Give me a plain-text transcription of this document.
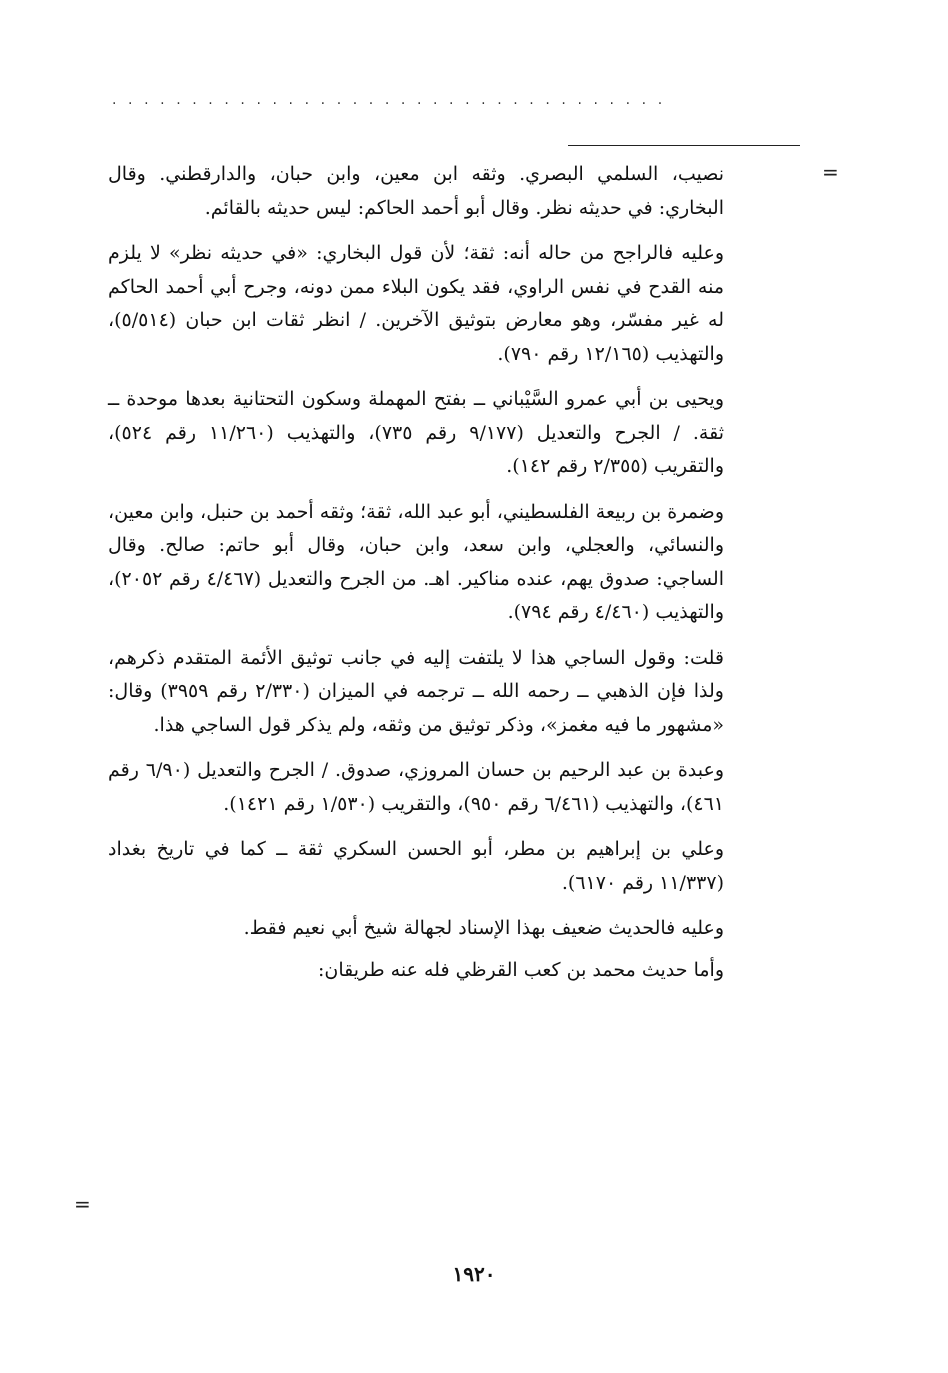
...................................
=

نصيب، السلمي البصري. وثقه ابن معين، وابن حبان، والدارقطني. وقال البخاري: في حديثه نظر. وقال أبو أحمد الحاكم: ليس حديثه بالقائم.

وعليه فالراجح من حاله أنه: ثقة؛ لأن قول البخاري: «في حديثه نظر» لا يلزم منه القدح في نفس الراوي، فقد يكون البلاء ممن دونه، وجرح أبي أحمد الحاكم له غير مفسّر، وهو معارض بتوثيق الآخرين. / انظر ثقات ابن حبان (٥/٥١٤)، والتهذيب (١٢/١٦٥ رقم ٧٩٠).

ويحيى بن أبي عمرو السَّيْباني ــ بفتح المهملة وسكون التحتانية بعدها موحدة ــ ثقة. / الجرح والتعديل (٩/١٧٧ رقم ٧٣٥)، والتهذيب (١١/٢٦٠ رقم ٥٢٤)، والتقريب (٢/٣٥٥ رقم ١٤٢).

وضمرة بن ربيعة الفلسطيني، أبو عبد الله، ثقة؛ وثقه أحمد بن حنبل، وابن معين، والنسائي، والعجلي، وابن سعد، وابن حبان، وقال أبو حاتم: صالح. وقال الساجي: صدوق يهم، عنده مناكير. اهـ. من الجرح والتعديل (٤/٤٦٧ رقم ٢٠٥٢)، والتهذيب (٤/٤٦٠ رقم ٧٩٤).

قلت: وقول الساجي هذا لا يلتفت إليه في جانب توثيق الأئمة المتقدم ذكرهم، ولذا فإن الذهبي ــ رحمه الله ــ ترجمه في الميزان (٢/٣٣٠ رقم ٣٩٥٩) وقال: «مشهور ما فيه مغمز»، وذكر توثيق من وثقه، ولم يذكر قول الساجي هذا.

وعبدة بن عبد الرحيم بن حسان المروزي، صدوق. / الجرح والتعديل (٦/٩٠ رقم ٤٦١)، والتهذيب (٦/٤٦١ رقم ٩٥٠)، والتقريب (١/٥٣٠ رقم ١٤٢١).

وعلي بن إبراهيم بن مطر، أبو الحسن السكري ثقة ــ كما في تاريخ بغداد (١١/٣٣٧ رقم ٦١٧٠).

وعليه فالحديث ضعيف بهذا الإسناد لجهالة شيخ أبي نعيم فقط.

وأما حديث محمد بن كعب القرظي فله عنه طريقان:

=
١٩٢٠
